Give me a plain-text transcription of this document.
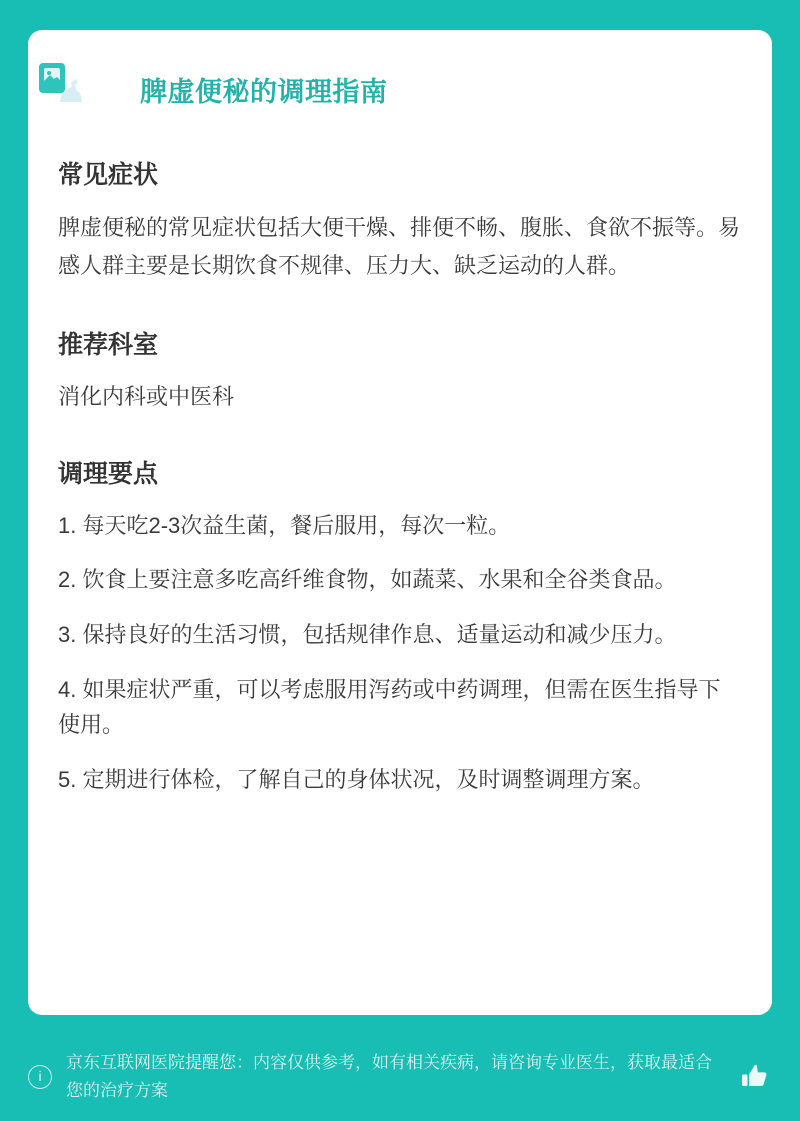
脾虚便秘的调理指南
常见症状

脾虚便秘的常见症状包括大便干燥、排便不畅、腹胀、食欲不振等。易感人群主要是长期饮食不规律、压力大、缺乏运动的人群。

推荐科室

消化内科或中医科

调理要点
1. 每天吃2-3次益生菌，餐后服用，每次一粒。
2. 饮食上要注意多吃高纤维食物，如蔬菜、水果和全谷类食品。
3. 保持良好的生活习惯，包括规律作息、适量运动和减少压力。
4. 如果症状严重，可以考虑服用泻药或中药调理，但需在医生指导下使用。
5. 定期进行体检，了解自己的身体状况，及时调整调理方案。
i
京东互联网医院提醒您：内容仅供参考，如有相关疾病，请咨询专业医生，获取最适合您的治疗方案
